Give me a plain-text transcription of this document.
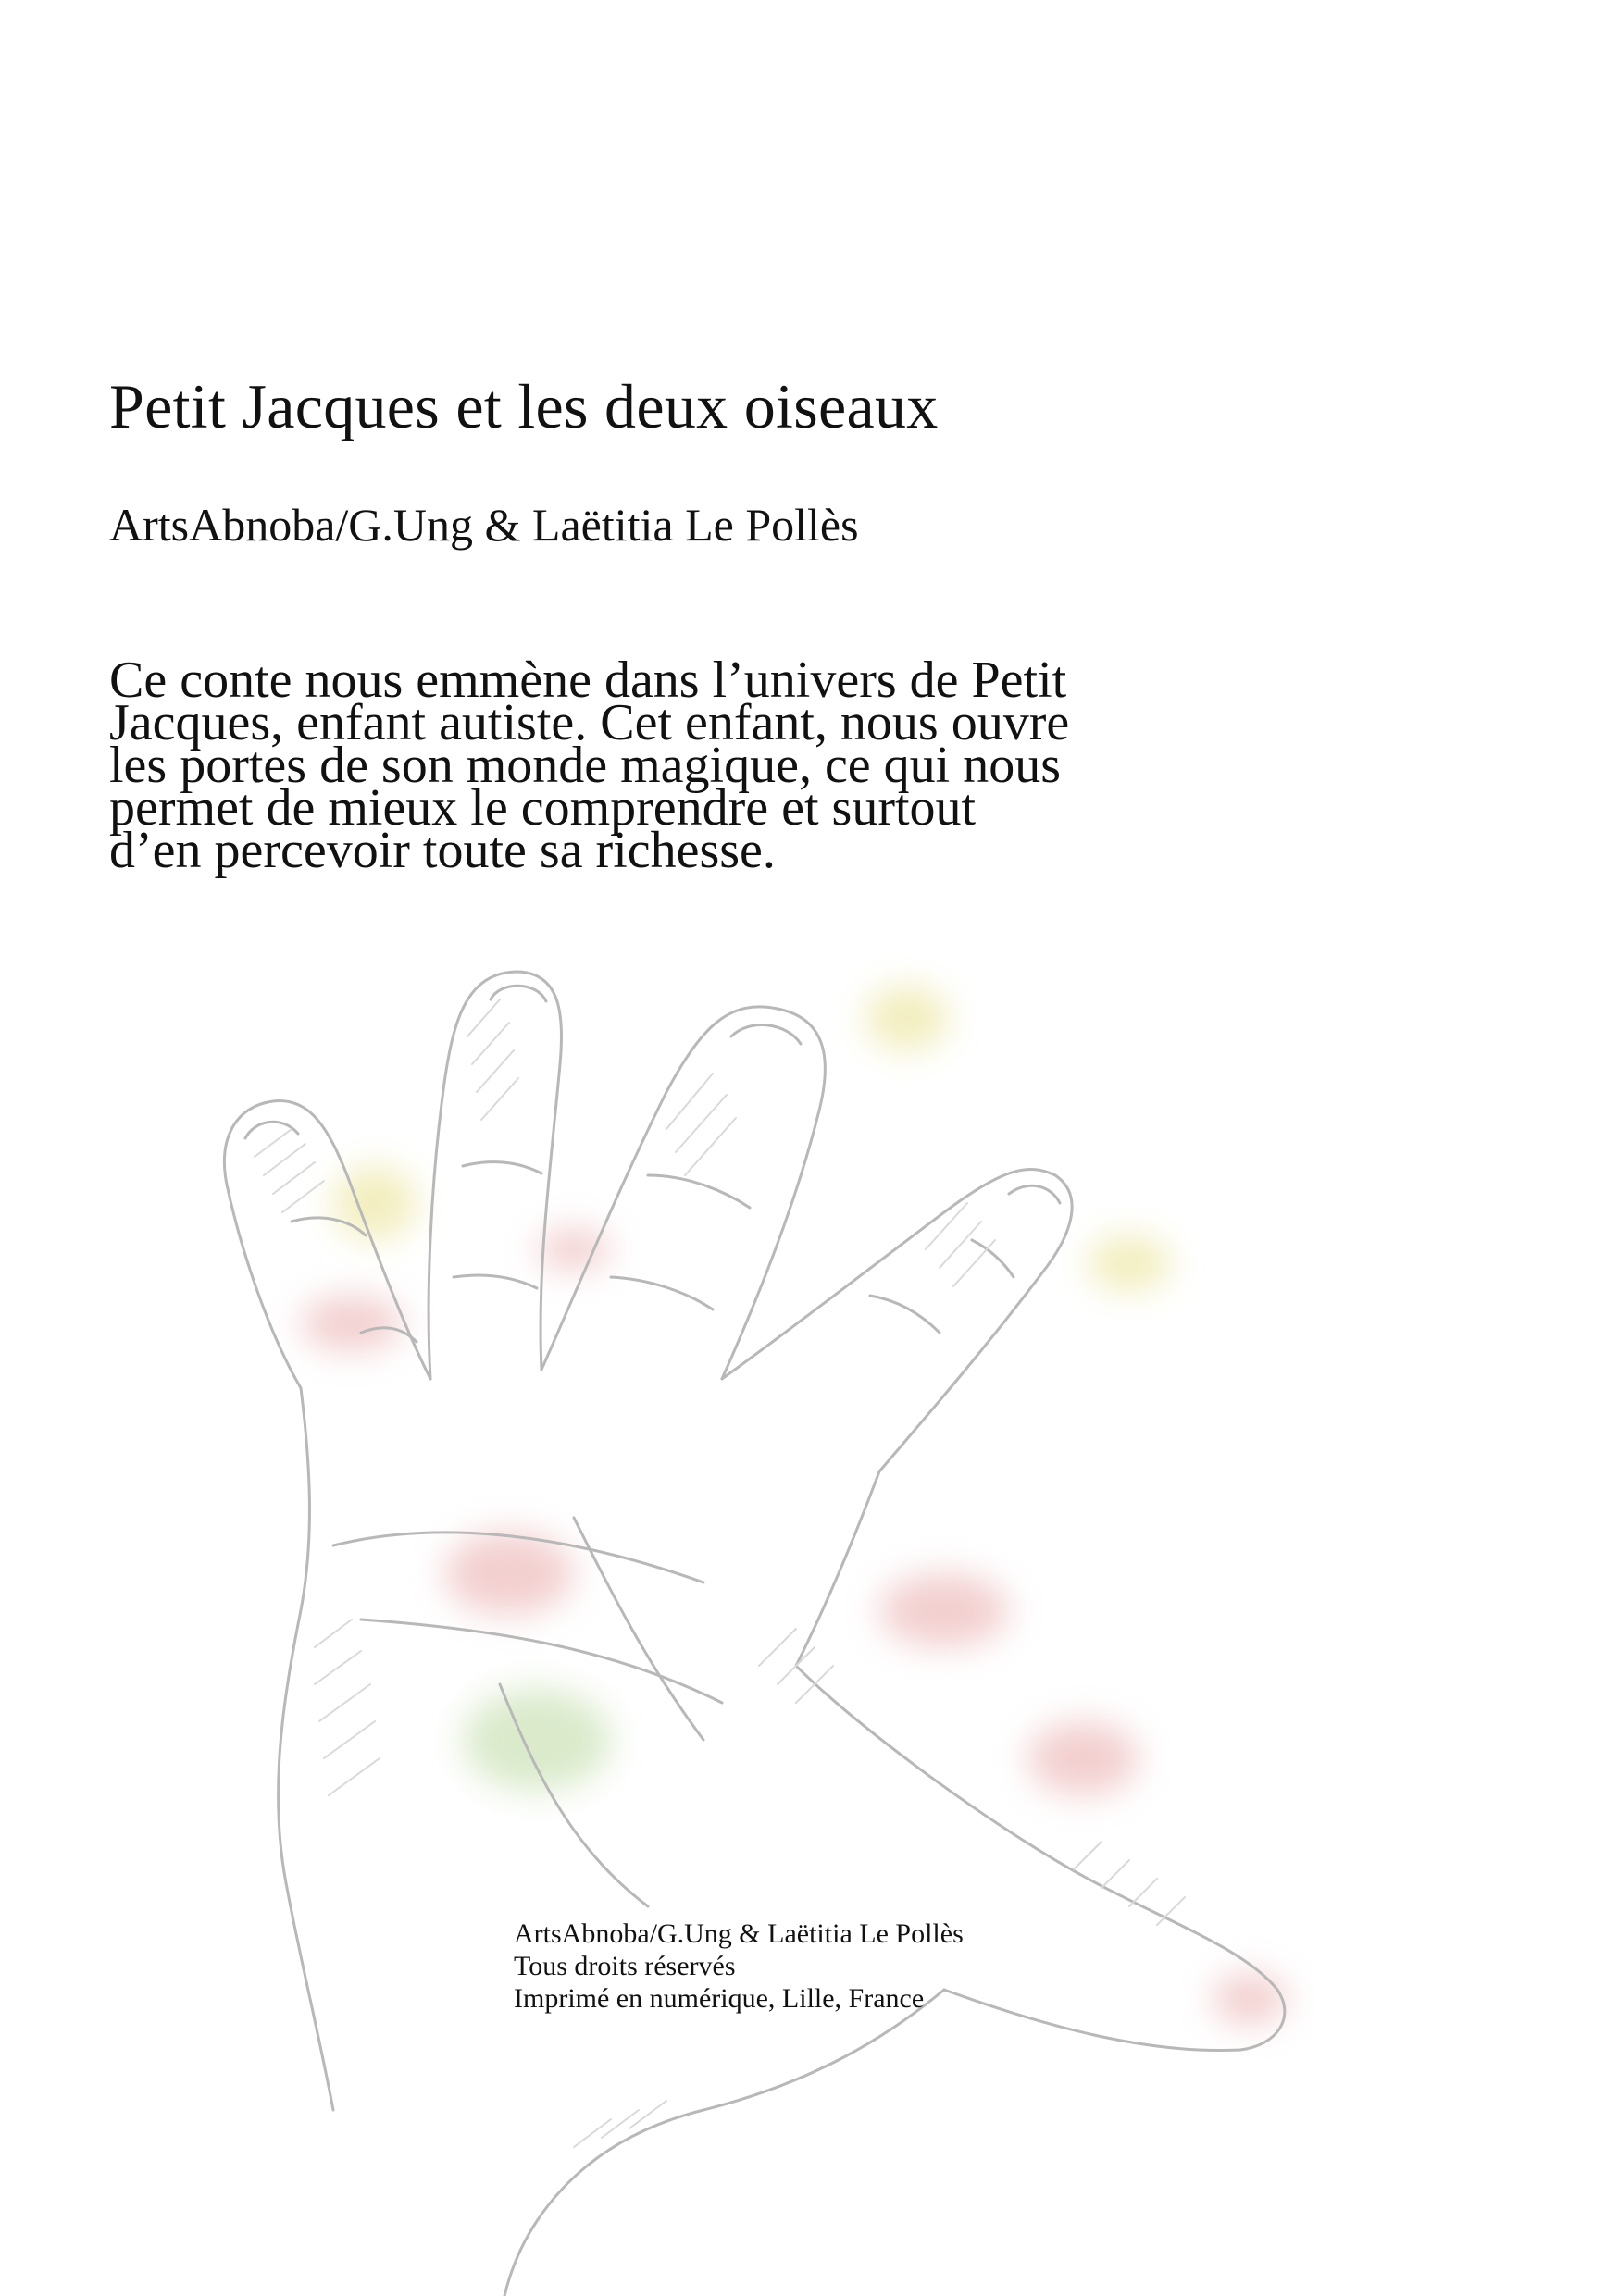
Petit Jacques et les deux oiseaux
ArtsAbnoba/G.Ung & Laëtitia Le Pollès
Ce conte nous emmène dans l’univers de Petit
Jacques, enfant autiste. Cet enfant, nous ouvre
les portes de son monde magique, ce qui nous
permet de mieux le comprendre et surtout
d’en percevoir toute sa richesse.
ArtsAbnoba/G.Ung & Laëtitia Le Pollès
Tous droits réservés
Imprimé en numérique, Lille, France
